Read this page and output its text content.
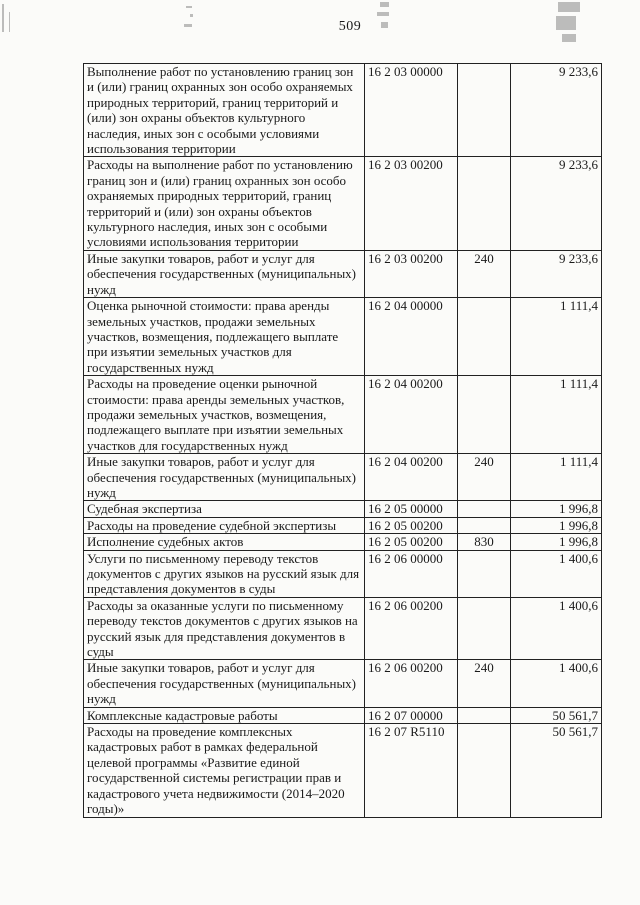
509
Выполнение работ по установлению границ зон и (или) границ охранных зон особо охраняемых природных территорий, границ территорий и (или) зон охраны объектов культурного наследия, иных зон с особыми условиями использования территории	16 2 03 00000		9 233,6
Расходы на выполнение работ по установлению границ зон и (или) границ охранных зон особо охраняемых природных территорий, границ территорий и (или) зон охраны объектов культурного наследия, иных зон с особыми условиями использования территории	16 2 03 00200		9 233,6
Иные закупки товаров, работ и услуг для обеспечения государственных (муниципальных) нужд	16 2 03 00200	240	9 233,6
Оценка рыночной стоимости: права аренды земельных участков, продажи земельных участков, возмещения, подлежащего выплате при изъятии земельных участков для государственных нужд	16 2 04 00000		1 111,4
Расходы на проведение оценки рыночной стоимости: права аренды земельных участков, продажи земельных участков, возмещения, подлежащего выплате при изъятии земельных участков для государственных нужд	16 2 04 00200		1 111,4
Иные закупки товаров, работ и услуг для обеспечения государственных (муниципальных) нужд	16 2 04 00200	240	1 111,4
Судебная экспертиза	16 2 05 00000		1 996,8
Расходы на проведение судебной экспертизы	16 2 05 00200		1 996,8
Исполнение судебных актов	16 2 05 00200	830	1 996,8
Услуги по письменному переводу текстов документов с других языков на русский язык для представления документов в суды	16 2 06 00000		1 400,6
Расходы за оказанные услуги по письменному переводу текстов документов с других языков на русский язык для представления документов в суды	16 2 06 00200		1 400,6
Иные закупки товаров, работ и услуг для обеспечения государственных (муниципальных) нужд	16 2 06 00200	240	1 400,6
Комплексные кадастровые работы	16 2 07 00000		50 561,7
Расходы на проведение комплексных кадастровых работ в рамках федеральной целевой программы «Развитие единой государственной системы регистрации прав и кадастрового учета недвижимости (2014–2020 годы)»	16 2 07 R5110		50 561,7
